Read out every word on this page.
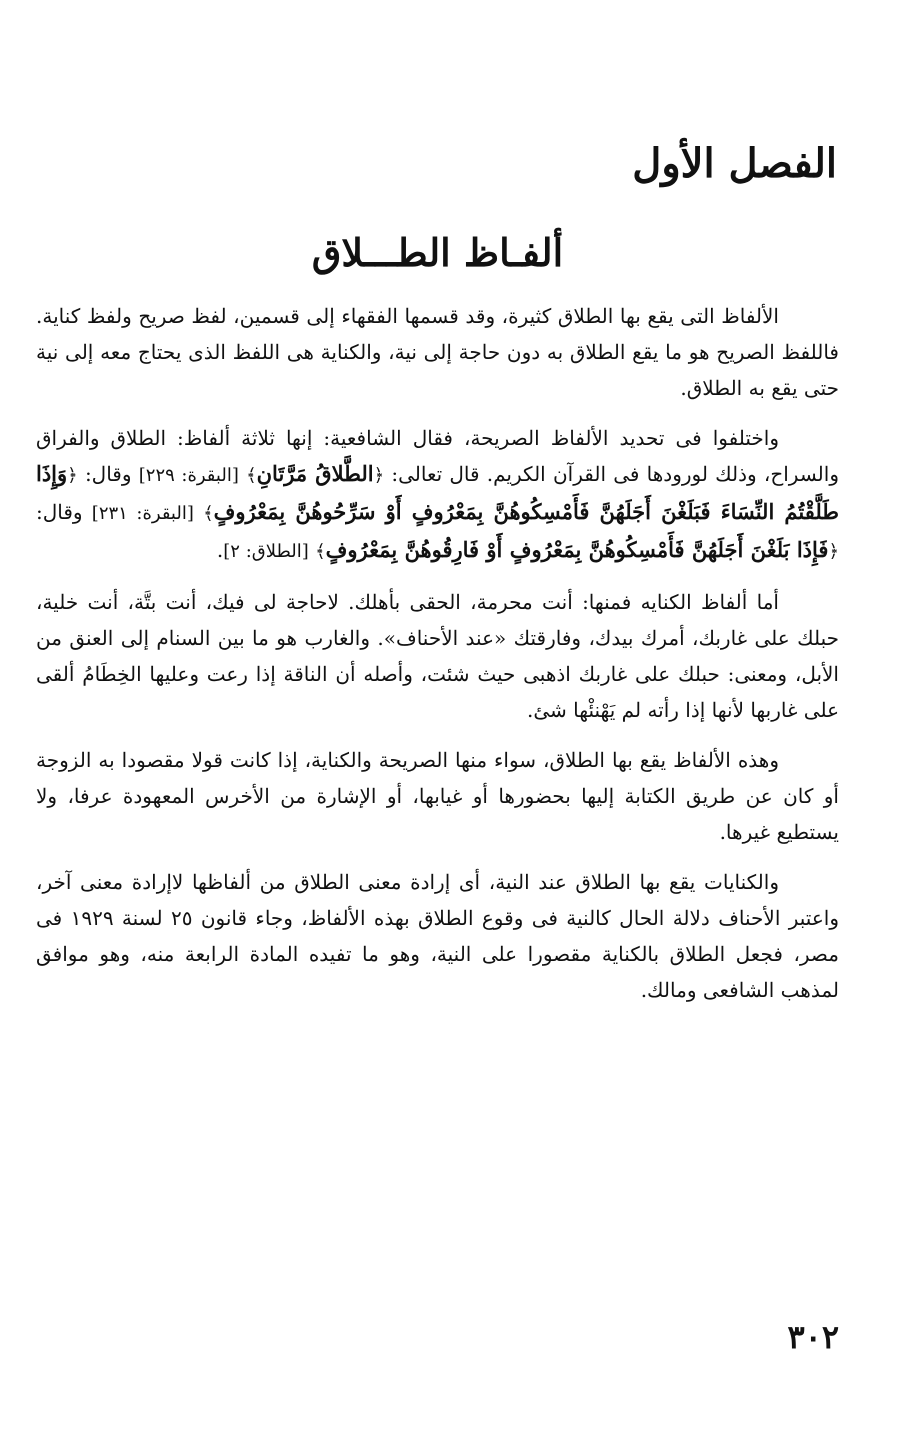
الفصل الأول
ألفـاظ الطـــلاق

الألفاظ التى يقع بها الطلاق كثيرة، وقد قسمها الفقهاء إلى قسمين، لفظ صريح ولفظ كناية. فاللفظ الصريح هو ما يقع الطلاق به دون حاجة إلى نية، والكناية هى اللفظ الذى يحتاج معه إلى نية حتى يقع به الطلاق.

واختلفوا فى تحديد الألفاظ الصريحة، فقال الشافعية: إنها ثلاثة ألفاظ: الطلاق والفراق والسراح، وذلك لورودها فى القرآن الكريم. قال تعالى: ﴿الطَّلاقُ مَرَّتَانِ﴾ [البقرة: ٢٢٩] وقال: ﴿وَإِذَا طَلَّقْتُمُ النِّسَاءَ فَبَلَغْنَ أَجَلَهُنَّ فَأَمْسِكُوهُنَّ بِمَعْرُوفٍ أَوْ سَرِّحُوهُنَّ بِمَعْرُوفٍ﴾ [البقرة: ٢٣١] وقال: ﴿فَإِذَا بَلَغْنَ أَجَلَهُنَّ فَأَمْسِكُوهُنَّ بِمَعْرُوفٍ أَوْ فَارِقُوهُنَّ بِمَعْرُوفٍ﴾ [الطلاق: ٢].

أما ألفاظ الكنايه فمنها: أنت محرمة، الحقى بأهلك. لاحاجة لى فيك، أنت بتَّة، أنت خلية، حبلك على غاربك، أمرك بيدك، وفارقتك «عند الأحناف». والغارب هو ما بين السنام إلى العنق من الأبل، ومعنى: حبلك على غاربك اذهبى حيث شئت، وأصله أن الناقة إذا رعت وعليها الخِطَامُ ألقى على غاربها لأنها إذا رأته لم يَهْنئْها شئ.

وهذه الألفاظ يقع بها الطلاق، سواء منها الصريحة والكناية، إذا كانت قولا مقصودا به الزوجة أو كان عن طريق الكتابة إليها بحضورها أو غيابها، أو الإشارة من الأخرس المعهودة عرفا، ولا يستطيع غيرها.

والكنايات يقع بها الطلاق عند النية، أى إرادة معنى الطلاق من ألفاظها لاإرادة معنى آخر، واعتبر الأحناف دلالة الحال كالنية فى وقوع الطلاق بهذه الألفاظ، وجاء قانون ٢٥ لسنة ١٩٢٩ فى مصر، فجعل الطلاق بالكناية مقصورا على النية، وهو ما تفيده المادة الرابعة منه، وهو موافق لمذهب الشافعى ومالك.

٣٠٢
